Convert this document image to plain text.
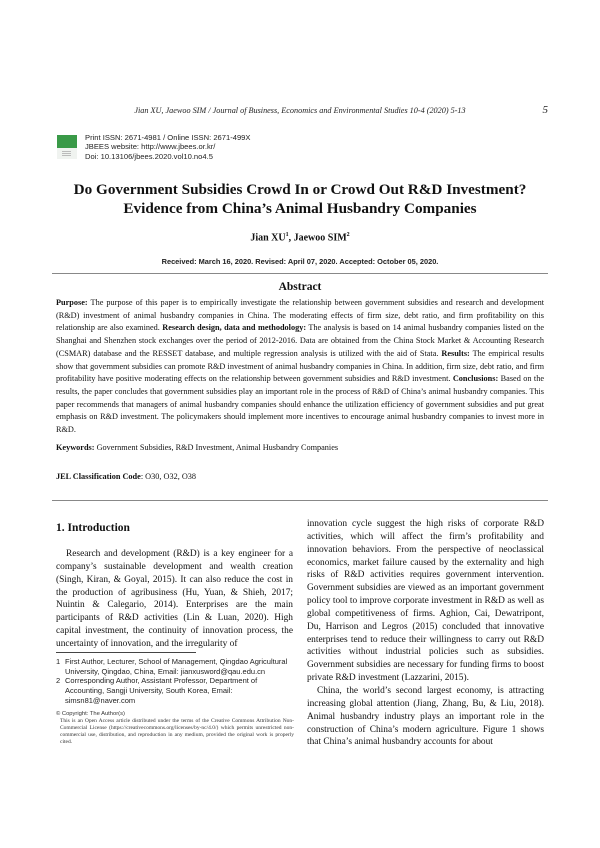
Jian XU, Jaewoo SIM / Journal of Business, Economics and Environmental Studies 10-4 (2020) 5-13	5
Print ISSN: 2671-4981 / Online ISSN: 2671-499X
JBEES website: http://www.jbees.or.kr/
Doi: 10.13106/jbees.2020.vol10.no4.5
Do Government Subsidies Crowd In or Crowd Out R&D Investment?
Evidence from China’s Animal Husbandry Companies
Jian $XU^1$, Jaewoo SIM$^2$
Received: March 16, 2020. Revised: April 07, 2020. Accepted: October 05, 2020.
Abstract
Purpose: The purpose of this paper is to empirically investigate the relationship between government subsidies and research and development (R&D) investment of animal husbandry companies in China. The moderating effects of firm size, debt ratio, and firm profitability on this relationship are also examined. Research design, data and methodology: The analysis is based on 14 animal husbandry companies listed on the Shanghai and Shenzhen stock exchanges over the period of 2012-2016. Data are obtained from the China Stock Market & Accounting Research (CSMAR) database and the RESSET database, and multiple regression analysis is utilized with the aid of Stata. Results: The empirical results show that government subsidies can promote R&D investment of animal husbandry companies in China. In addition, firm size, debt ratio, and firm profitability have positive moderating effects on the relationship between government subsidies and R&D investment. Conclusions: Based on the results, the paper concludes that government subsidies play an important role in the process of R&D of China’s animal husbandry companies. This paper recommends that managers of animal husbandry companies should enhance the utilization efficiency of government subsidies and put great emphasis on R&D investment. The policymakers should implement more incentives to encourage animal husbandry companies to invest more in R&D.
Keywords: Government Subsidies, R&D Investment, Animal Husbandry Companies
JEL Classification Code: O30, O32, O38
1. Introduction

Research and development (R&D) is a key engineer for a company’s sustainable development and wealth creation (Singh, Kiran, & Goyal, 2015). It can also reduce the cost in the production of agribusiness (Hu, Yuan, & Shieh, 2017; Nuintin & Calegario, 2014). Enterprises are the main participants of R&D activities (Lin & Luan, 2020). High capital investment, the continuity of innovation process, the uncertainty of innovation, and the irregularity of

innovation cycle suggest the high risks of corporate R&D activities, which will affect the firm’s profitability and innovation behaviors. From the perspective of neoclassical economics, market failure caused by the externality and high risks of R&D activities requires government intervention. Government subsidies are viewed as an important government policy tool to improve corporate investment in R&D as well as global competitiveness of firms. Aghion, Cai, Dewatripont, Du, Harrison and Legros (2015) concluded that innovative enterprises tend to reduce their willingness to carry out R&D activities without industrial policies such as subsidies. Government subsidies are necessary for funding firms to boost private R&D investment (Lazzarini, 2015).

China, the world’s second largest economy, is attracting increasing global attention (Jiang, Zhang, Bu, & Liu, 2018). Animal husbandry industry plays an important role in the construction of China’s modern agriculture. Figure 1 shows that China’s animal husbandry accounts for about

1 First Author, Lecturer, School of Management, Qingdao Agricultural University, Qingdao, China, Email: jianxusword@qau.edu.cn
2 Corresponding Author, Assistant Professor, Department of Accounting, Sangji University, South Korea, Email: simsn81@naver.com
© Copyright: The Author(s)
This is an Open Access article distributed under the terms of the Creative Commons Attribution Non-Commercial License (https://creativecommons.org/licenses/by-nc/4.0/) which permits unrestricted non-commercial use, distribution, and reproduction in any medium, provided the original work is properly cited.
